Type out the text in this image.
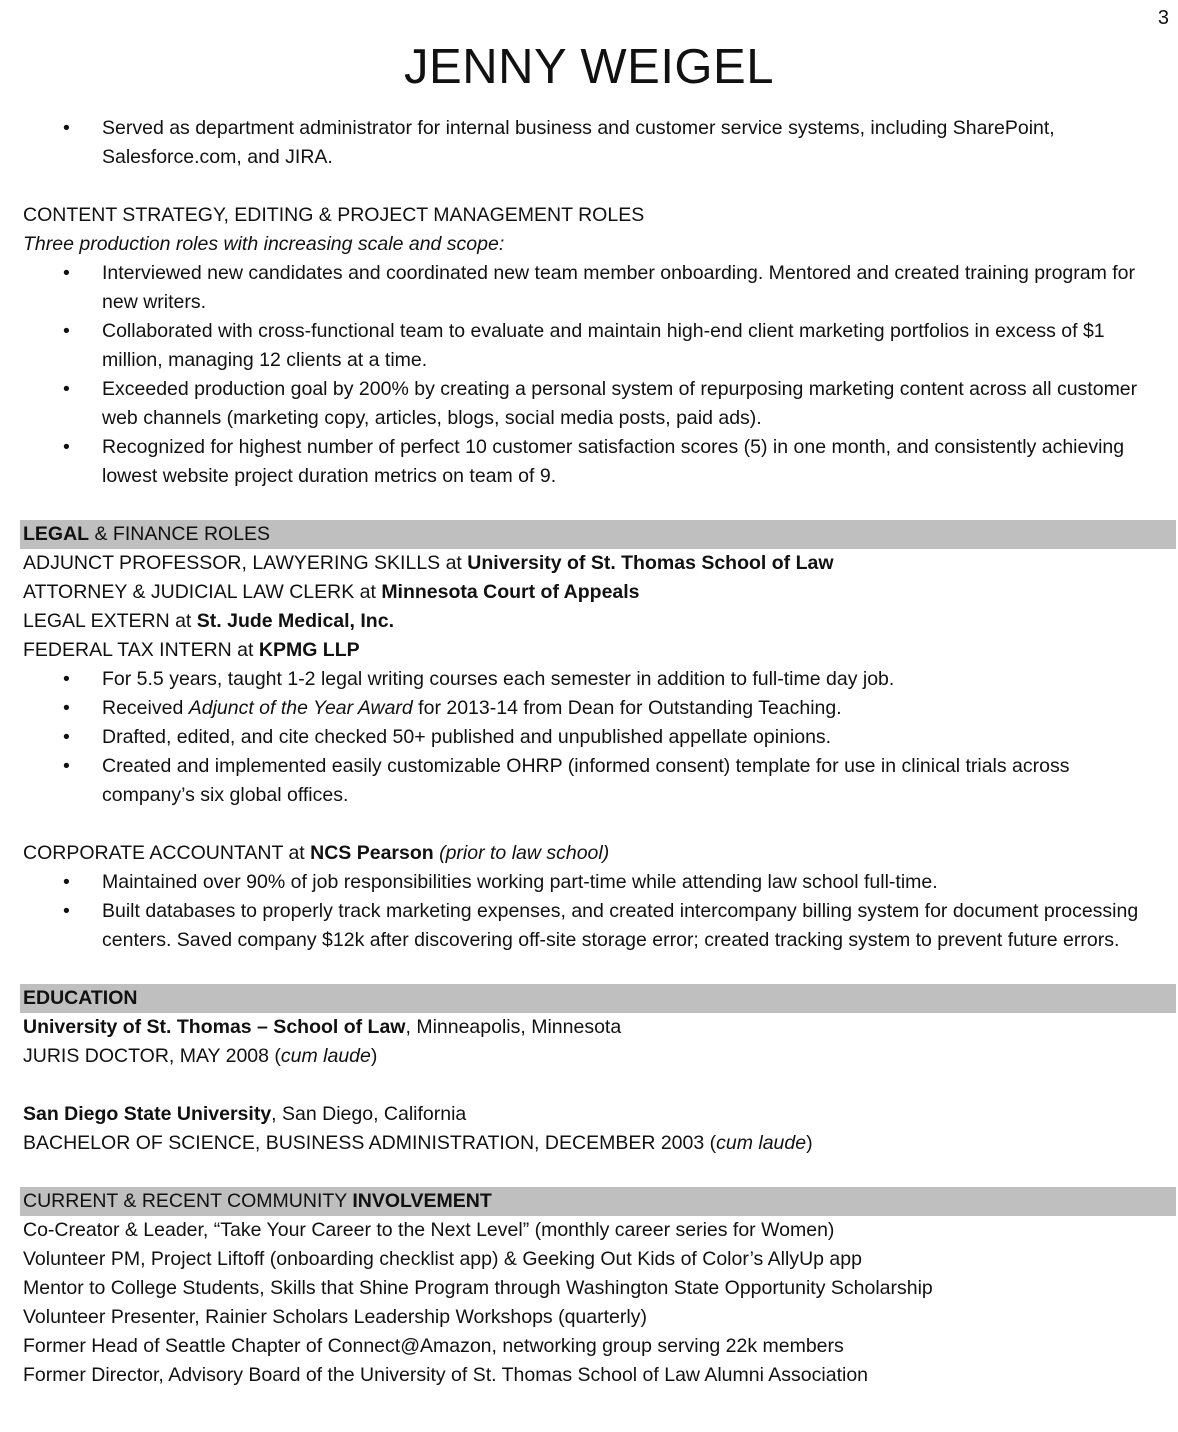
3
JENNY WEIGEL
• Served as department administrator for internal business and customer service systems, including SharePoint, Salesforce.com, and JIRA.
CONTENT STRATEGY, EDITING & PROJECT MANAGEMENT ROLES
Three production roles with increasing scale and scope:
• Interviewed new candidates and coordinated new team member onboarding. Mentored and created training program for new writers.
• Collaborated with cross-functional team to evaluate and maintain high-end client marketing portfolios in excess of $1 million, managing 12 clients at a time.
• Exceeded production goal by 200% by creating a personal system of repurposing marketing content across all customer web channels (marketing copy, articles, blogs, social media posts, paid ads).
• Recognized for highest number of perfect 10 customer satisfaction scores (5) in one month, and consistently achieving lowest website project duration metrics on team of 9.
LEGAL & FINANCE ROLES
ADJUNCT PROFESSOR, LAWYERING SKILLS at University of St. Thomas School of Law
ATTORNEY & JUDICIAL LAW CLERK at Minnesota Court of Appeals
LEGAL EXTERN at St. Jude Medical, Inc.
FEDERAL TAX INTERN at KPMG LLP
• For 5.5 years, taught 1-2 legal writing courses each semester in addition to full-time day job.
• Received Adjunct of the Year Award for 2013-14 from Dean for Outstanding Teaching.
• Drafted, edited, and cite checked 50+ published and unpublished appellate opinions.
• Created and implemented easily customizable OHRP (informed consent) template for use in clinical trials across company’s six global offices.
CORPORATE ACCOUNTANT at NCS Pearson (prior to law school)
• Maintained over 90% of job responsibilities working part-time while attending law school full-time.
• Built databases to properly track marketing expenses, and created intercompany billing system for document processing centers. Saved company $12k after discovering off-site storage error; created tracking system to prevent future errors.
EDUCATION
University of St. Thomas – School of Law, Minneapolis, Minnesota
JURIS DOCTOR, MAY 2008 (cum laude)
San Diego State University, San Diego, California
BACHELOR OF SCIENCE, BUSINESS ADMINISTRATION, DECEMBER 2003 (cum laude)
CURRENT & RECENT COMMUNITY INVOLVEMENT
Co-Creator & Leader, “Take Your Career to the Next Level” (monthly career series for Women)
Volunteer PM, Project Liftoff (onboarding checklist app) & Geeking Out Kids of Color’s AllyUp app
Mentor to College Students, Skills that Shine Program through Washington State Opportunity Scholarship
Volunteer Presenter, Rainier Scholars Leadership Workshops (quarterly)
Former Head of Seattle Chapter of Connect@Amazon, networking group serving 22k members
Former Director, Advisory Board of the University of St. Thomas School of Law Alumni Association
